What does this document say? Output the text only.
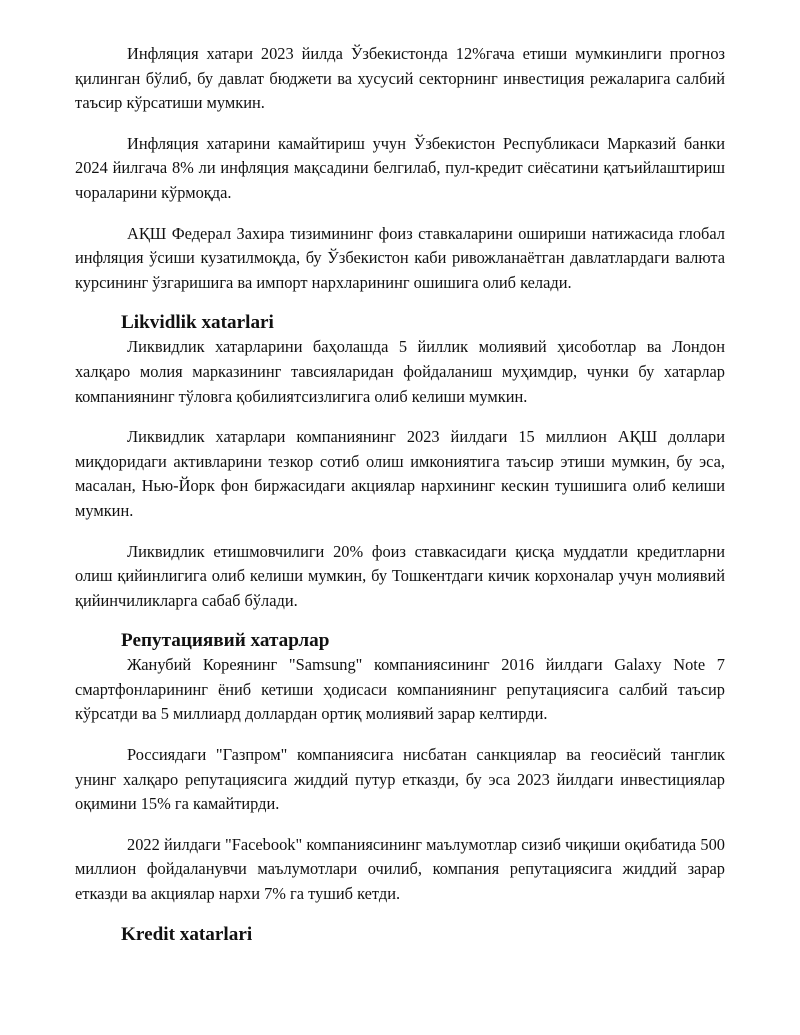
Инфляция хатари 2023 йилда Ўзбекистонда 12%гача етиши мумкинлиги прогноз қилинган бўлиб, бу давлат бюджети ва хусусий секторнинг инвестиция режаларига салбий таъсир кўрсатиши мумкин.

Инфляция хатарини камайтириш учун Ўзбекистон Республикаси Марказий банки 2024 йилгача 8% ли инфляция мақсадини белгилаб, пул-кредит сиёсатини қатъийлаштириш чораларини кўрмоқда.

АҚШ Федерал Захира тизимининг фоиз ставкаларини ошириши натижасида глобал инфляция ўсиши кузатилмоқда, бу Ўзбекистон каби ривожланаётган давлатлардаги валюта курсининг ўзгаришига ва импорт нархларининг ошишига олиб келади.

Likvidlik xatarlari

Ликвидлик хатарларини баҳолашда 5 йиллик молиявий ҳисоботлар ва Лондон халқаро молия марказининг тавсияларидан фойдаланиш муҳимдир, чунки бу хатарлар компаниянинг тўловга қобилиятсизлигига олиб келиши мумкин.

Ликвидлик хатарлари компаниянинг 2023 йилдаги 15 миллион АҚШ доллари миқдоридаги активларини тезкор сотиб олиш имкониятига таъсир этиши мумкин, бу эса, масалан, Нью-Йорк фон биржасидаги акциялар нархининг кескин тушишига олиб келиши мумкин.

Ликвидлик етишмовчилиги 20% фоиз ставкасидаги қисқа муддатли кредитларни олиш қийинлигига олиб келиши мумкин, бу Тошкентдаги кичик корхоналар учун молиявий қийинчиликларга сабаб бўлади.

Репутациявий хатарлар

Жанубий Кореянинг "Samsung" компаниясининг 2016 йилдаги Galaxy Note 7 смартфонларининг ёниб кетиши ҳодисаси компаниянинг репутациясига салбий таъсир кўрсатди ва 5 миллиард доллардан ортиқ молиявий зарар келтирди.

Россиядаги "Газпром" компаниясига нисбатан санкциялар ва геосиёсий танглик унинг халқаро репутациясига жиддий путур етказди, бу эса 2023 йилдаги инвестициялар оқимини 15% га камайтирди.

2022 йилдаги "Facebook" компаниясининг маълумотлар сизиб чиқиши оқибатида 500 миллион фойдаланувчи маълумотлари очилиб, компания репутациясига жиддий зарар етказди ва акциялар нархи 7% га тушиб кетди.

Kredit xatarlari
